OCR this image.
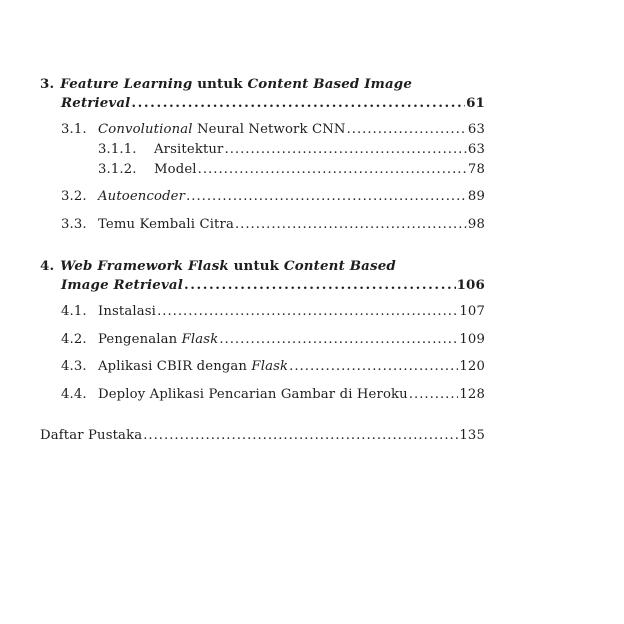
3. Feature Learning untuk Content Based Image
Retrieval .....	61
3.1. Convolutional Neural Network CNN .....	63
3.1.1.	Arsitektur .....	63
3.1.2.	Model .....	78
3.2. Autoencoder .....	89
3.3. Temu Kembali Citra .....	98
4. Web Framework Flask untuk Content Based
Image Retrieval .....	106
4.1. Instalasi .....	107
4.2. Pengenalan Flask .....	109
4.3. Aplikasi CBIR dengan Flask .....	120
4.4. Deploy Aplikasi Pencarian Gambar di Heroku .....	128
Daftar Pustaka .....	135
